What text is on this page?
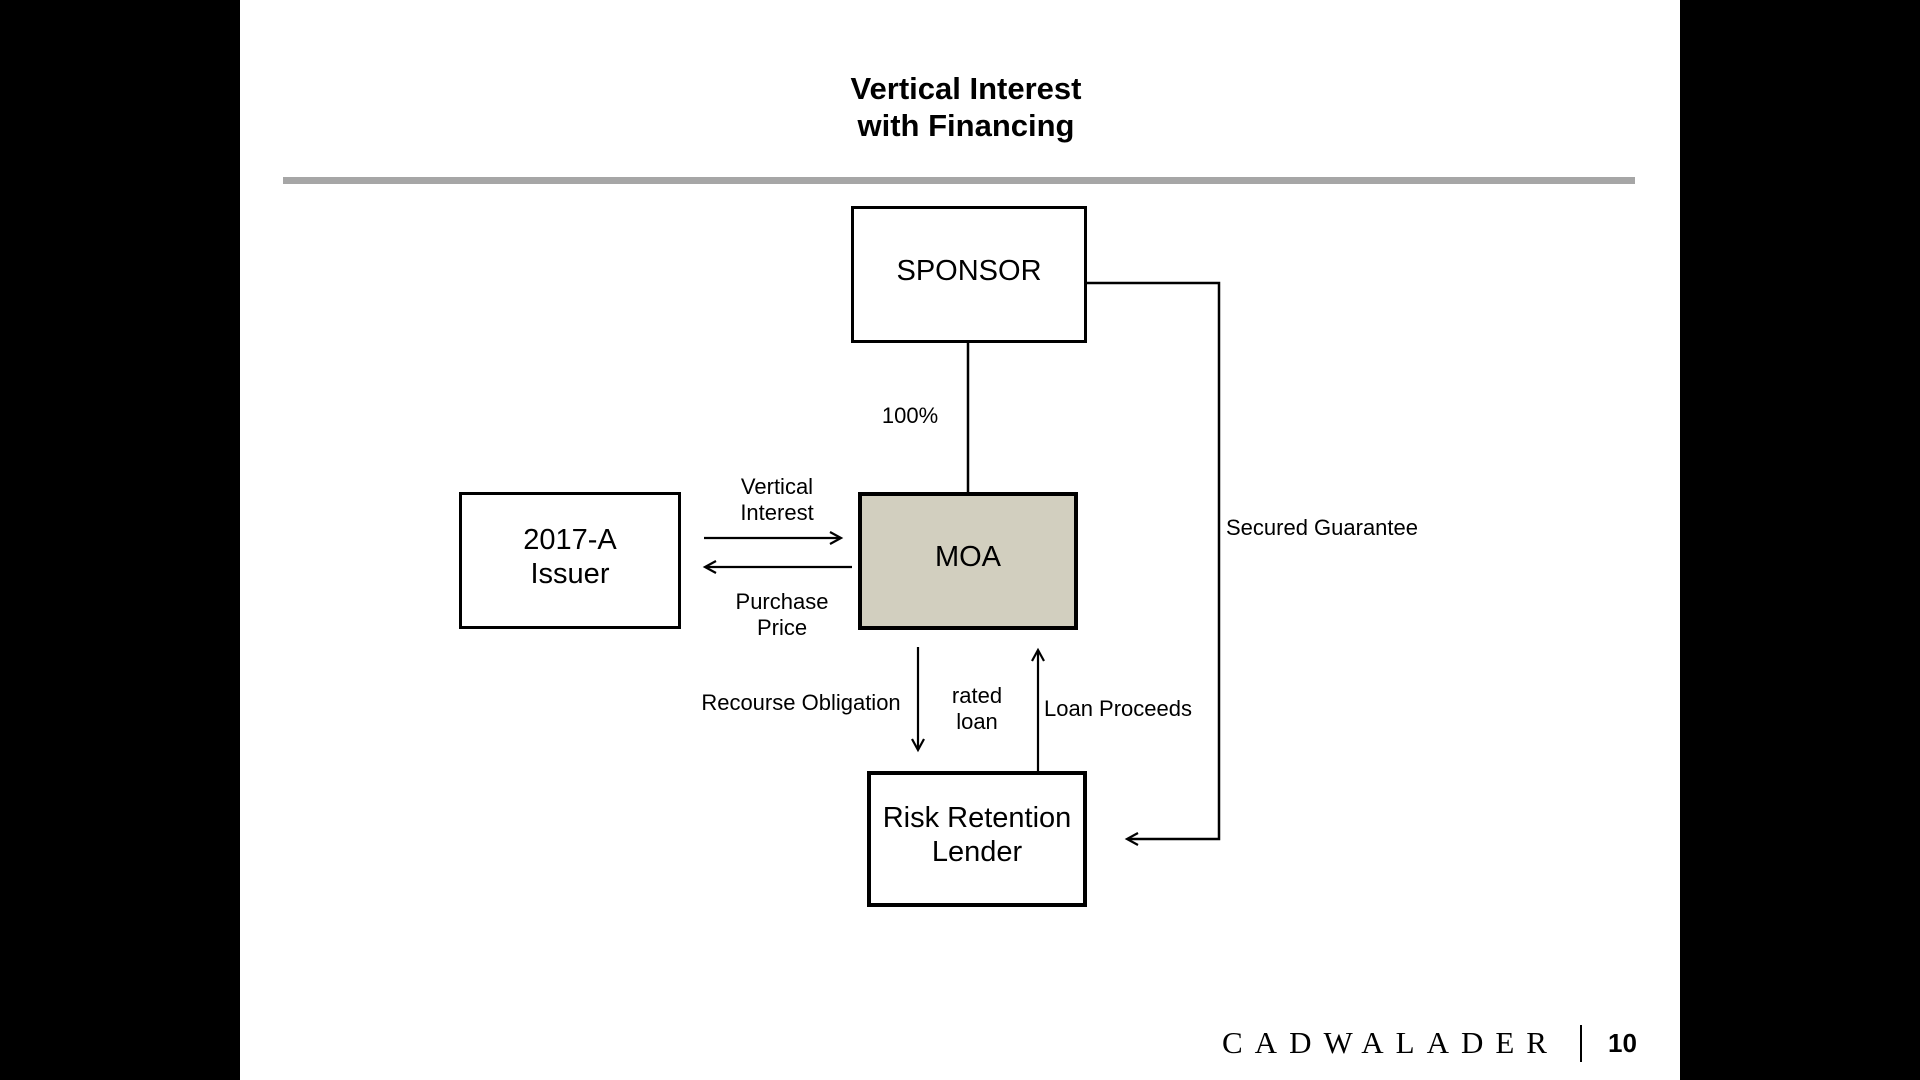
Vertical Interest
with Financing
SPONSOR
2017-A
Issuer
MOA
Risk Retention
Lender
100%
Vertical
Interest
Purchase
Price
Recourse Obligation	rated
loan
Loan Proceeds
Secured Guarantee
CADWALADER 10
